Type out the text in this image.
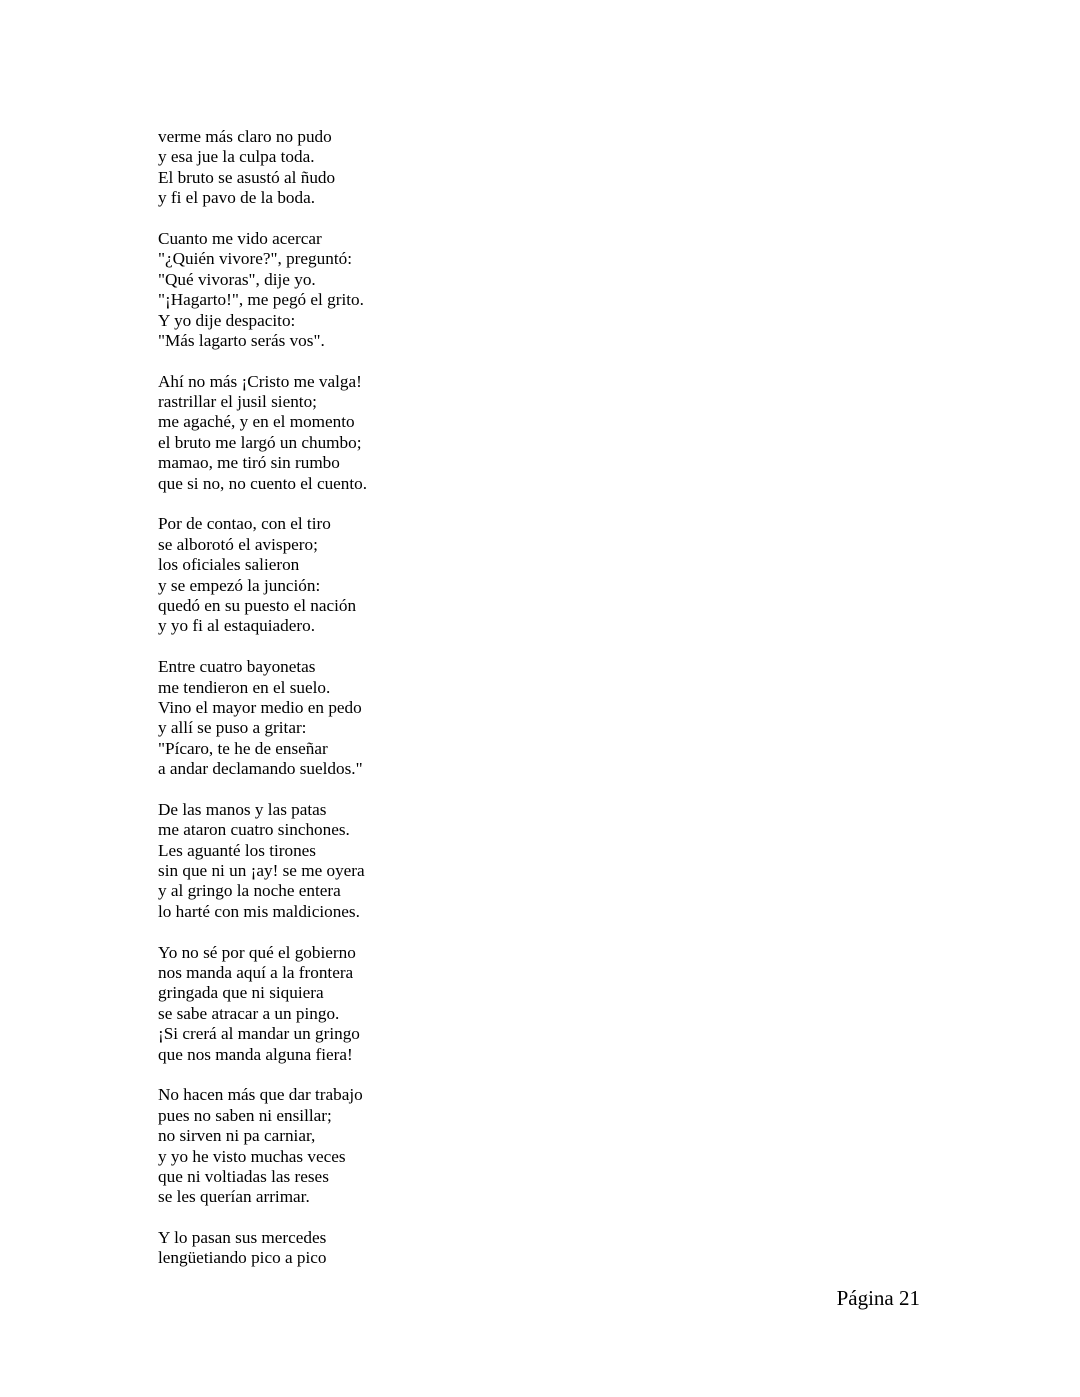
verme más claro no pudo
y esa jue la culpa toda.
El bruto se asustó al ñudo
y fi el pavo de la boda.
Cuanto me vido acercar
"¿Quién vivore?", preguntó:
"Qué vivoras", dije yo.
"¡Hagarto!", me pegó el grito.
Y yo dije despacito:
"Más lagarto serás vos".
Ahí no más ¡Cristo me valga!
rastrillar el jusil siento;
me agaché, y en el momento
el bruto me largó un chumbo;
mamao, me tiró sin rumbo
que si no, no cuento el cuento.
Por de contao, con el tiro
se alborotó el avispero;
los oficiales salieron
y se empezó la junción:
quedó en su puesto el nación
y yo fi al estaquiadero.
Entre cuatro bayonetas
me tendieron en el suelo.
Vino el mayor medio en pedo
y allí se puso a gritar:
"Pícaro, te he de enseñar
a andar declamando sueldos."
De las manos y las patas
me ataron cuatro sinchones.
Les aguanté los tirones
sin que ni un ¡ay! se me oyera
y al gringo la noche entera
lo harté con mis maldiciones.
Yo no sé por qué el gobierno
nos manda aquí a la frontera
gringada que ni siquiera
se sabe atracar a un pingo.
¡Si crerá al mandar un gringo
que nos manda alguna fiera!
No hacen más que dar trabajo
pues no saben ni ensillar;
no sirven ni pa carniar,
y yo he visto muchas veces
que ni voltiadas las reses
se les querían arrimar.
Y lo pasan sus mercedes
lengüetiando pico a pico
Página 21
